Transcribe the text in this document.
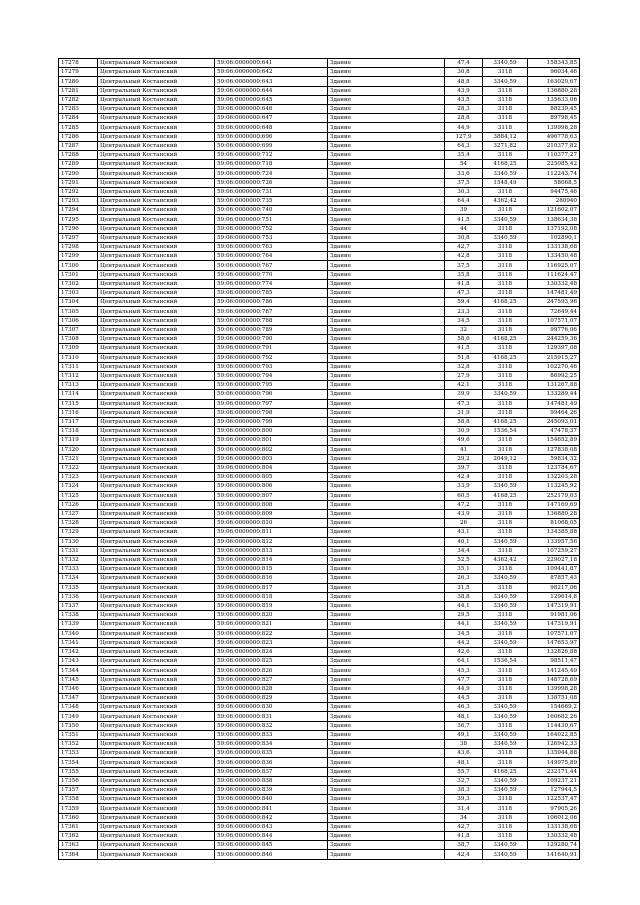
17278	Центральный Костанский	59:06:0000000:641	Здание	47,4	3340,59	158343,85
17279	Центральный Костанский	59:06:0000000:642	Здание	30,8	3118	96034,46
17280	Центральный Костанский	59:06:0000000:643	Здание	48,8	3340,59	163020,67
17281	Центральный Костанский	59:06:0000000:644	Здание	43,9	3118	136880,28
17282	Центральный Костанский	59:06:0000000:645	Здание	43,5	3118	135633,06
17283	Центральный Костанский	59:06:0000000:646	Здание	28,3	3118	88239,45
17284	Центральный Костанский	59:06:0000000:647	Здание	28,8	3118	89798,45
17285	Центральный Костанский	59:06:0000000:648	Здание	44,9	3118	139998,28
17286	Центральный Костанский	59:06:0000000:696	Здание	127,9	3884,12	496778,63
17287	Центральный Костанский	59:06:0000000:699	Здание	64,3	3271,82	210377,82
17288	Центральный Костанский	59:06:0000000:712	Здание	35,4	3118	110377,27
17289	Центральный Костанский	59:06:0000000:718	Здание	54	4168,25	225085,42
17290	Центральный Костанский	59:06:0000000:724	Здание	33,6	3340,59	112243,74
17291	Центральный Костанский	59:06:0000000:726	Здание	37,5	1548,49	58068,5
17292	Центральный Костанский	59:06:0000000:731	Здание	30,3	3118	94475,46
17293	Центральный Костанский	59:06:0000000:735	Здание	64,4	4362,42	280940
17294	Центральный Костанский	59:06:0000000:740	Здание	39	3118	121602,07
17295	Центральный Костанский	59:06:0000000:751	Здание	41,5	3340,59	138634,38
17296	Центральный Костанский	59:06:0000000:752	Здание	44	3118	137192,08
17297	Центральный Костанский	59:06:0000000:753	Здание	30,8	3340,59	102890,1
17298	Центральный Костанский	59:06:0000000:763	Здание	42,7	3118	133138,68
17299	Центральный Костанский	59:06:0000000:764	Здание	42,8	3118	133450,48
17300	Центральный Костанский	59:06:0000000:767	Здание	37,5	3118	116925,07
17301	Центральный Костанский	59:06:0000000:770	Здание	35,8	3118	111624,47
17302	Центральный Костанский	59:06:0000000:774	Здание	41,8	3118	130332,48
17303	Центральный Костанский	59:06:0000000:785	Здание	47,3	3118	147481,49
17304	Центральный Костанский	59:06:0000000:786	Здание	59,4	4168,25	247593,96
17305	Центральный Костанский	59:06:0000000:787	Здание	23,3	3118	72649,44
17306	Центральный Костанский	59:06:0000000:788	Здание	34,5	3118	107571,07
17307	Центральный Костанский	59:06:0000000:789	Здание	32	3118	99776,06
17308	Центральный Костанский	59:06:0000000:790	Здание	58,6	4168,25	244259,36
17309	Центральный Костанский	59:06:0000000:791	Здание	41,5	3118	129397,08
17310	Центральный Костанский	59:06:0000000:792	Здание	51,8	4168,25	215915,27
17311	Центральный Костанский	59:06:0000000:793	Здание	32,8	3118	102270,46
17312	Центральный Костанский	59:06:0000000:794	Здание	27,9	3118	86992,25
17313	Центральный Костанский	59:06:0000000:795	Здание	42,1	3118	131267,88
17314	Центральный Костанский	59:06:0000000:796	Здание	39,9	3340,59	133289,44
17315	Центральный Костанский	59:06:0000000:797	Здание	47,3	3118	147481,49
17316	Центральный Костанский	59:06:0000000:798	Здание	31,9	3118	99464,26
17317	Центральный Костанский	59:06:0000000:799	Здание	58,8	4168,25	245093,01
17318	Центральный Костанский	59:06:0000000:800	Здание	30,9	1536,54	47478,37
17319	Центральный Костанский	59:06:0000000:801	Здание	49,6	3118	154652,89
17320	Центральный Костанский	59:06:0000000:802	Здание	41	3118	127838,08
17321	Центральный Костанский	59:06:0000000:803	Здание	29,2	2049,12	59834,32
17322	Центральный Костанский	59:06:0000000:804	Здание	39,7	3118	123784,67
17323	Центральный Костанский	59:06:0000000:805	Здание	42,4	3118	132203,28
17324	Центральный Костанский	59:06:0000000:806	Здание	33,9	3340,59	113245,92
17325	Центральный Костанский	59:06:0000000:807	Здание	60,5	4168,25	252179,03
17326	Центральный Костанский	59:06:0000000:808	Здание	47,2	3118	147169,69
17327	Центральный Костанский	59:06:0000000:809	Здание	43,9	3118	136880,28
17328	Центральный Костанский	59:06:0000000:810	Здание	26	3118	81068,05
17329	Центральный Костанский	59:06:0000000:811	Здание	43,1	3118	134385,88
17330	Центральный Костанский	59:06:0000000:812	Здание	40,1	3340,59	133957,56
17331	Центральный Костанский	59:06:0000000:813	Здание	34,4	3118	107259,27
17332	Центральный Костанский	59:06:0000000:814	Здание	52,5	4362,42	229027,18
17333	Центральный Костанский	59:06:0000000:815	Здание	35,1	3118	109441,87
17334	Центральный Костанский	59:06:0000000:816	Здание	26,3	3340,59	87857,43
17335	Центральный Костанский	59:06:0000000:817	Здание	31,5	3118	98217,06
17336	Центральный Костанский	59:06:0000000:818	Здание	38,8	3340,59	129614,8
17337	Центральный Костанский	59:06:0000000:819	Здание	44,1	3340,59	147319,91
17338	Центральный Костанский	59:06:0000000:820	Здание	29,5	3118	91981,06
17339	Центральный Костанский	59:06:0000000:821	Здание	44,1	3340,59	147319,91
17340	Центральный Костанский	59:06:0000000:822	Здание	34,5	3118	107571,07
17341	Центральный Костанский	59:06:0000000:823	Здание	44,2	3340,59	147653,97
17342	Центральный Костанский	59:06:0000000:824	Здание	42,6	3118	132826,88
17343	Центральный Костанский	59:06:0000000:825	Здание	64,1	1536,54	98511,47
17344	Центральный Костанский	59:06:0000000:826	Здание	45,3	3118	141245,49
17345	Центральный Костанский	59:06:0000000:827	Здание	47,7	3118	148728,69
17346	Центральный Костанский	59:06:0000000:828	Здание	44,9	3118	139998,28
17347	Центральный Костанский	59:06:0000000:829	Здание	44,5	3118	138751,08
17348	Центральный Костанский	59:06:0000000:830	Здание	46,3	3340,59	154669,2
17349	Центральный Костанский	59:06:0000000:831	Здание	48,1	3340,59	160682,26
17350	Центральный Костанский	59:06:0000000:832	Здание	36,7	3118	114430,67
17351	Центральный Костанский	59:06:0000000:833	Здание	49,1	3340,59	164022,85
17352	Центральный Костанский	59:06:0000000:834	Здание	38	3340,59	126942,33
17353	Центральный Костанский	59:06:0000000:835	Здание	43,6	3118	135944,88
17354	Центральный Костанский	59:06:0000000:836	Здание	48,1	3118	149975,89
17355	Центральный Костанский	59:06:0000000:837	Здание	55,7	4168,25	232171,44
17356	Центральный Костанский	59:06:0000000:838	Здание	32,7	3340,59	109237,21
17357	Центральный Костанский	59:06:0000000:839	Здание	38,3	3340,59	127944,5
17358	Центральный Костанский	59:06:0000000:840	Здание	39,3	3118	122537,47
17359	Центральный Костанский	59:06:0000000:841	Здание	31,4	3118	97905,26
17360	Центральный Костанский	59:06:0000000:842	Здание	34	3118	106012,06
17361	Центральный Костанский	59:06:0000000:843	Здание	42,7	3118	133138,68
17362	Центральный Костанский	59:06:0000000:844	Здание	41,8	3118	130332,48
17363	Центральный Костанский	59:06:0000000:845	Здание	38,7	3340,59	129280,74
17364	Центральный Костанский	59:06:0000000:846	Здание	42,4	3340,59	141640,91
